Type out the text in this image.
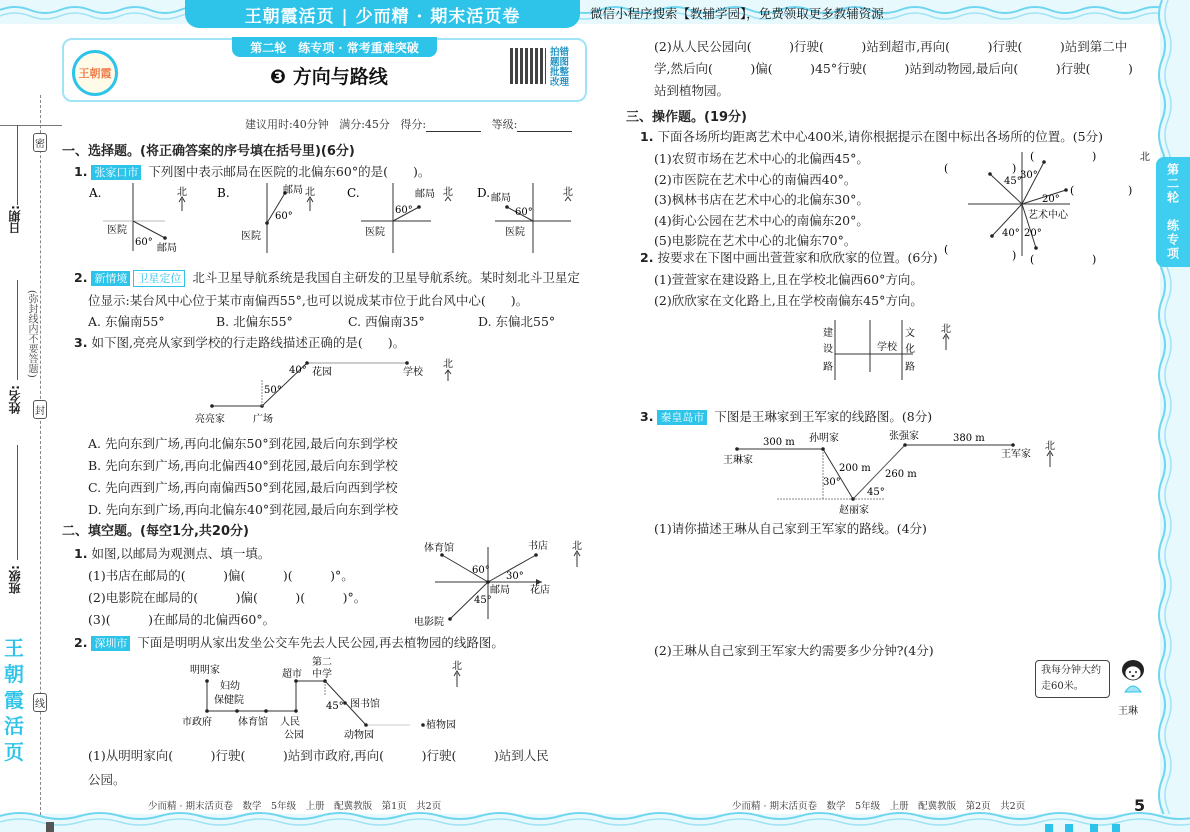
王朝霞活页 | 少而精 · 期末活页卷	微信小程序搜索【教辅学园】，免费领取更多教辅资源
第二轮　练专项 · 常考重难突破
王朝霞	❸ 方向与路线
拍错
题图
批整
改理
建议用时:40分钟 满分:45分 得分:	等级:
日期:
姓名:
班级:
(弥封线内不要答题)
密
封
线
王
朝
霞
活
页
第二轮　练专项
一、选择题。(将正确答案的序号填在括号里)(6分)
1. 张家口市 下列图中表示邮局在医院的北偏东60°的是(　　)。
A.
医院
60°
邮局
北	B.	邮局
60°
医院
北	C.
60°
邮局
医院
北 D. 邮局
60°
医院
北
2. 新情境 卫星定位 北斗卫星导航系统是我国自主研发的卫星导航系统。某时刻北斗卫星定
位显示:某台风中心位于某市南偏西55°,也可以说成某市位于此台风中心(　　)。
A. 东偏南55°	B. 北偏东55°	C. 西偏南35°	D. 东偏北55°
3. 如下图,亮亮从家到学校的行走路线描述正确的是(　　)。
40°
50°
花园	学校
亮亮家	广场
北
A. 先向东到广场,再向北偏东50°到花园,最后向东到学校
B. 先向东到广场,再向北偏西40°到花园,最后向东到学校
C. 先向西到广场,再向南偏西50°到花园,最后向西到学校
D. 先向东到广场,再向北偏东40°到花园,最后向东到学校
二、填空题。(每空1分,共20分)
1. 如图,以邮局为观测点、填一填。
(1)书店在邮局的(　　　)偏(　　　)(　　　)°。
(2)电影院在邮局的(　　　)偏(　　　)(　　　)°。
(3)(　　　)在邮局的北偏西60°。
体育馆	书店 北
60°
30°
邮局 花店
45°
电影院
2. 深圳市 下面是明明从家出发坐公交车先去人民公园,再去植物园的线路图。
明明家
妇幼
保健院
市政府	体育馆 人民
公园
超市
第二
中学
45° 图书馆
动物园
植物园
北
(1)从明明家向(　　　)行驶(　　　)站到市政府,再向(　　　)行驶(　　　)站到人民
公园。
少而精 · 期末活页卷　数学　5年级　上册　配冀教版　第1页　共2页
(2)从人民公园向(　　　)行驶(　　　)站到超市,再向(　　　)行驶(　　　)站到第二中
学,然后向(　　　)偏(　　　)45°行驶(　　　)站到动物园,最后向(　　　)行驶(　　　)
站到植物园。
三、操作题。(19分)
1. 下面各场所均距离艺术中心400米,请你根据提示在图中标出各场所的位置。(5分)
(1)农贸市场在艺术中心的北偏西45°。
(2)市医院在艺术中心的南偏西40°。
(3)枫林书店在艺术中心的北偏东30°。
(4)街心公园在艺术中心的南偏东20°。
(5)电影院在艺术中心的北偏东70°。
45°
30°
20°
艺术中心
40° 20°
(	)
(	)
(	)
北
(	) (	)
2. 按要求在下图中画出萱萱家和欣欣家的位置。(6分)
(1)萱萱家在建设路上,且在学校北偏西60°方向。
(2)欣欣家在文化路上,且在学校南偏东45°方向。
建
设
路
学校
文
化
路
北
3. 秦皇岛市 下图是王琳家到王军家的线路图。(8分)
300 m 孙明家
王琳家
200 m
30°
260 m
45°
赵丽家
张强家	380 m
王军家
北
(1)请你描述王琳从自己家到王军家的路线。(4分)
(2)王琳从自己家到王军家大约需要多少分钟?(4分)
我每分钟大约
走60米。
王琳
少而精 · 期末活页卷　数学　5年级　上册　配冀教版　第2页　共2页	5
